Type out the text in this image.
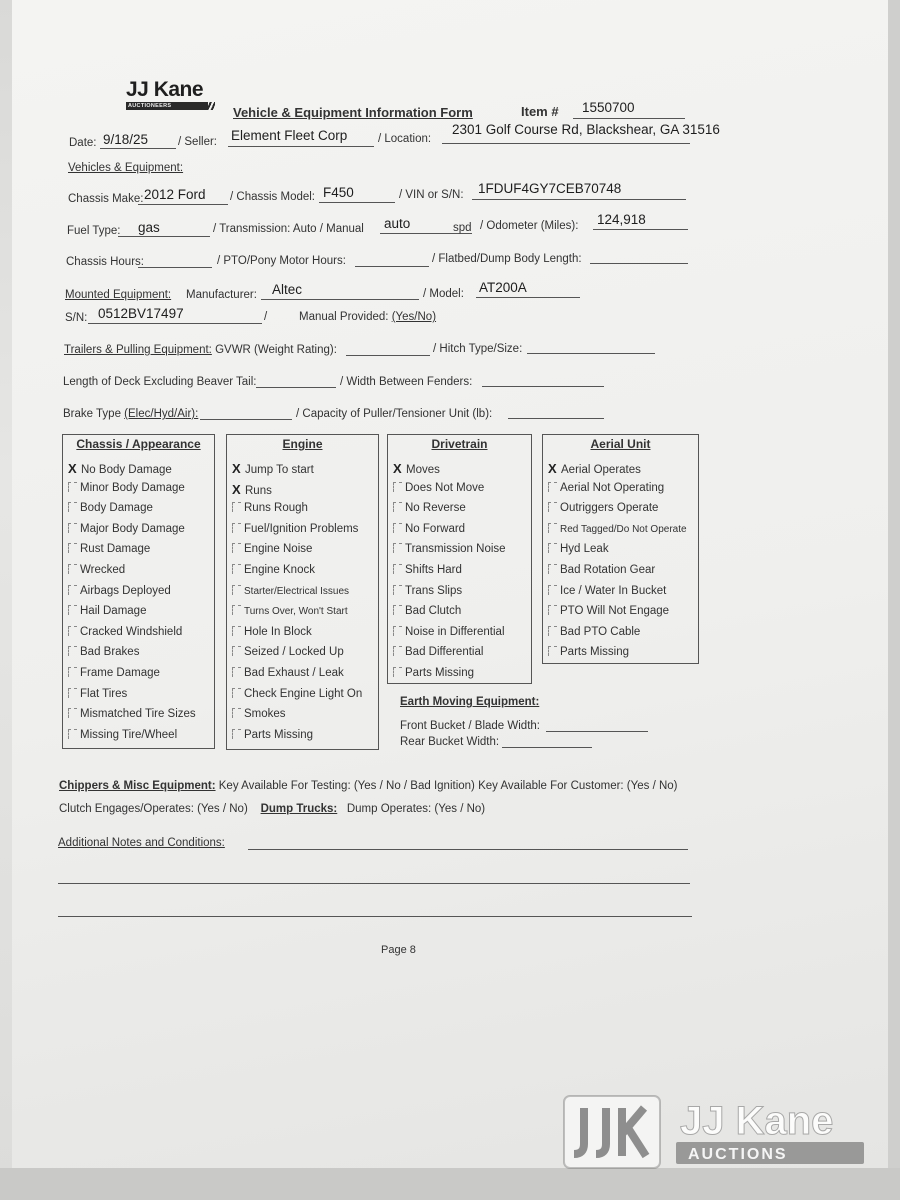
JJ Kane
AUCTIONEERS	Vehicle & Equipment Information Form	Item # 1550700
Date: 9/18/25	/ Seller: Element Fleet Corp	/ Location:
2301 Golf Course Rd, Blackshear, GA 31516
Vehicles & Equipment:
Chassis Make: 2012 Ford / Chassis Model: F450	/ VIN or S/N: 1FDUF4GY7CEB70748
Fuel Type: gas	/ Transmission: Auto / Manual auto	spd / Odometer (Miles): 124,918
Chassis Hours:	/ PTO/Pony Motor Hours:	/ Flatbed/Dump Body Length:
Mounted Equipment: Manufacturer: Altec	/ Model: AT200A
S/N: 0512BV17497	/	Manual Provided: (Yes/No)
Trailers & Pulling Equipment: GVWR (Weight Rating):	/ Hitch Type/Size:
Length of Deck Excluding Beaver Tail:	/ Width Between Fenders:
Brake Type (Elec/Hyd/Air):	/ Capacity of Puller/Tensioner Unit (lb):
Chassis / Appearance
X No Body Damage
Minor Body Damage
Body Damage
Major Body Damage
Rust Damage
Wrecked
Airbags Deployed
Hail Damage
Cracked Windshield
Bad Brakes
Frame Damage
Flat Tires
Mismatched Tire Sizes
Missing Tire/Wheel
Engine
X Jump To start
X Runs
Runs Rough
Fuel/Ignition Problems
Engine Noise
Engine Knock
Starter/Electrical Issues
Turns Over, Won't Start
Hole In Block
Seized / Locked Up
Bad Exhaust / Leak
Check Engine Light On
Smokes
Parts Missing
Drivetrain
X Moves
Does Not Move
No Reverse
No Forward
Transmission Noise
Shifts Hard
Trans Slips
Bad Clutch
Noise in Differential
Bad Differential
Parts Missing
Aerial Unit
X Aerial Operates
Aerial Not Operating
Outriggers Operate
Red Tagged/Do Not Operate
Hyd Leak
Bad Rotation Gear
Ice / Water In Bucket
PTO Will Not Engage
Bad PTO Cable
Parts Missing
Earth Moving Equipment:
Front Bucket / Blade Width:
Rear Bucket Width:
Chippers & Misc Equipment: Key Available For Testing: (Yes / No / Bad Ignition) Key Available For Customer: (Yes / No)
Clutch Engages/Operates: (Yes / No) Dump Trucks: Dump Operates: (Yes / No)
Additional Notes and Conditions:
Page 8
JJ Kane
AUCTIONS
